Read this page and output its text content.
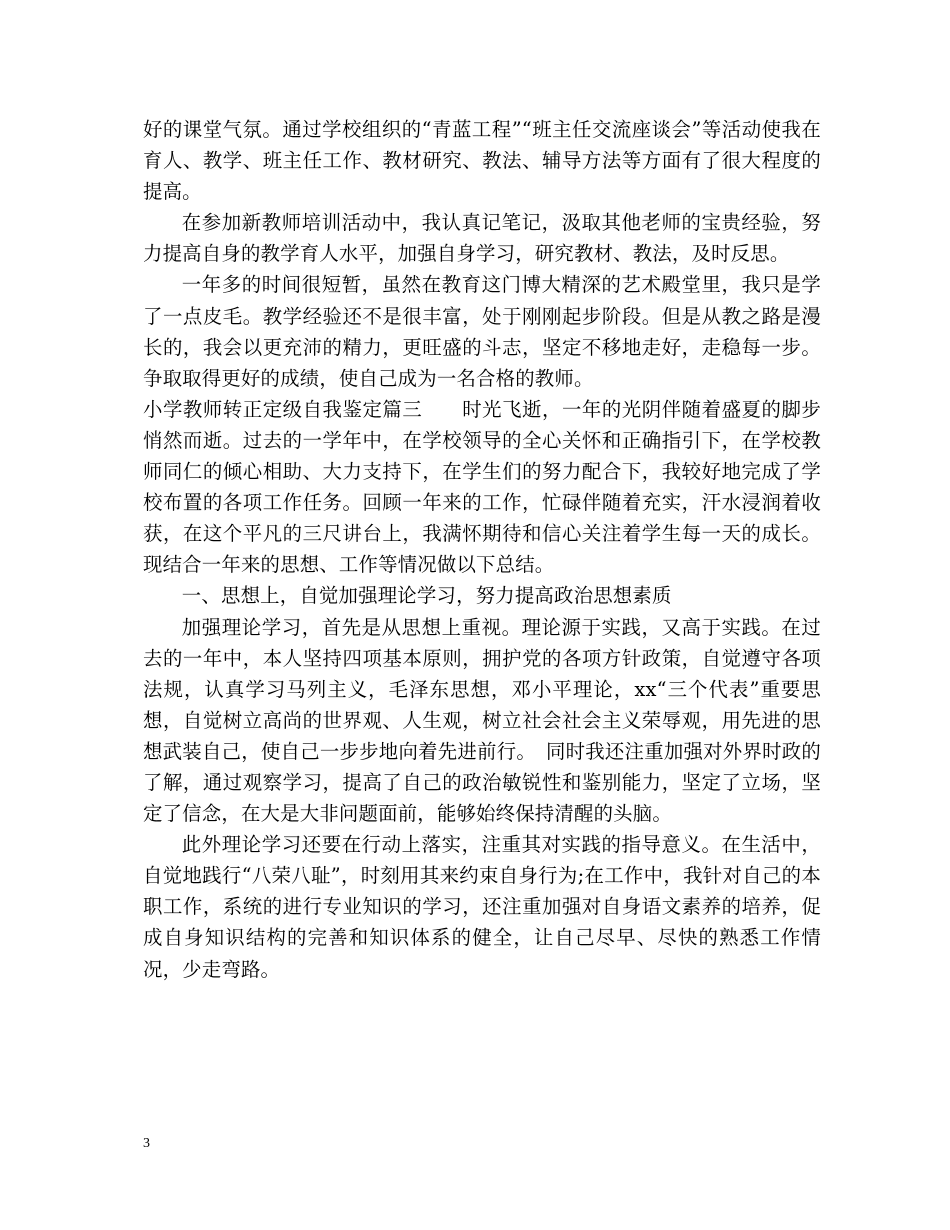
好的课堂气氛。通过学校组织的“青蓝工程”“班主任交流座谈会”等活动使我在育人、教学、班主任工作、教材研究、教法、辅导方法等方面有了很大程度的提高。

在参加新教师培训活动中，我认真记笔记，汲取其他老师的宝贵经验，努力提高自身的教学育人水平，加强自身学习，研究教材、教法，及时反思。

一年多的时间很短暂，虽然在教育这门博大精深的艺术殿堂里，我只是学了一点皮毛。教学经验还不是很丰富，处于刚刚起步阶段。但是从教之路是漫长的，我会以更充沛的精力，更旺盛的斗志，坚定不移地走好，走稳每一步。争取取得更好的成绩，使自己成为一名合格的教师。

小学教师转正定级自我鉴定篇三　　时光飞逝，一年的光阴伴随着盛夏的脚步悄然而逝。过去的一学年中，在学校领导的全心关怀和正确指引下，在学校教师同仁的倾心相助、大力支持下，在学生们的努力配合下，我较好地完成了学校布置的各项工作任务。回顾一年来的工作，忙碌伴随着充实，汗水浸润着收获，在这个平凡的三尺讲台上，我满怀期待和信心关注着学生每一天的成长。现结合一年来的思想、工作等情况做以下总结。

一、思想上，自觉加强理论学习，努力提高政治思想素质

加强理论学习，首先是从思想上重视。理论源于实践，又高于实践。在过去的一年中，本人坚持四项基本原则，拥护党的各项方针政策，自觉遵守各项法规，认真学习马列主义，毛泽东思想，邓小平理论，xx“三个代表”重要思想，自觉树立高尚的世界观、人生观，树立社会社会主义荣辱观，用先进的思想武装自己，使自己一步步地向着先进前行。　同时我还注重加强对外界时政的了解，通过观察学习，提高了自己的政治敏锐性和鉴别能力，坚定了立场，坚定了信念，在大是大非问题面前，能够始终保持清醒的头脑。

此外理论学习还要在行动上落实，注重其对实践的指导意义。在生活中，自觉地践行“八荣八耻”，时刻用其来约束自身行为;在工作中，我针对自己的本职工作，系统的进行专业知识的学习，还注重加强对自身语文素养的培养，促成自身知识结构的完善和知识体系的健全，让自己尽早、尽快的熟悉工作情况，少走弯路。

3
